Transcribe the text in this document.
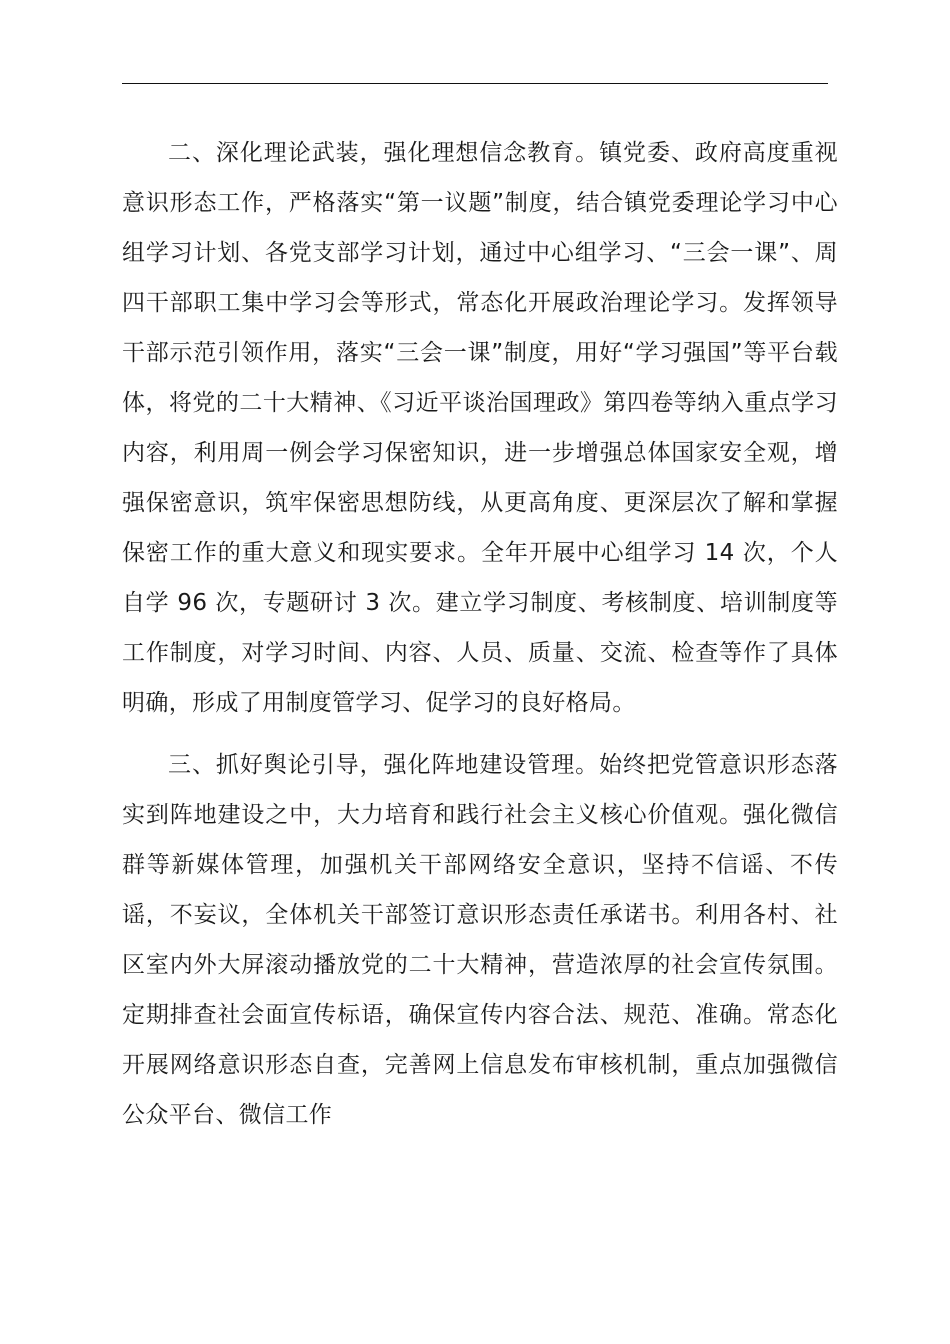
二、深化理论武装，强化理想信念教育。镇党委、政府高度重视意识形态工作，严格落实“第一议题”制度，结合镇党委理论学习中心组学习计划、各党支部学习计划，通过中心组学习、“三会一课”、周四干部职工集中学习会等形式，常态化开展政治理论学习。发挥领导干部示范引领作用，落实“三会一课”制度，用好“学习强国”等平台载体，将党的二十大精神、《习近平谈治国理政》第四卷等纳入重点学习内容，利用周一例会学习保密知识，进一步增强总体国家安全观，增强保密意识，筑牢保密思想防线，从更高角度、更深层次了解和掌握保密工作的重大意义和现实要求。全年开展中心组学习 14 次，个人自学 96 次，专题研讨 3 次。建立学习制度、考核制度、培训制度等工作制度，对学习时间、内容、人员、质量、交流、检查等作了具体明确，形成了用制度管学习、促学习的良好格局。

三、抓好舆论引导，强化阵地建设管理。始终把党管意识形态落实到阵地建设之中，大力培育和践行社会主义核心价值观。强化微信群等新媒体管理，加强机关干部网络安全意识，坚持不信谣、不传谣，不妄议，全体机关干部签订意识形态责任承诺书。利用各村、社区室内外大屏滚动播放党的二十大精神，营造浓厚的社会宣传氛围。定期排查社会面宣传标语，确保宣传内容合法、规范、准确。常态化开展网络意识形态自查，完善网上信息发布审核机制，重点加强微信公众平台、微信工作
